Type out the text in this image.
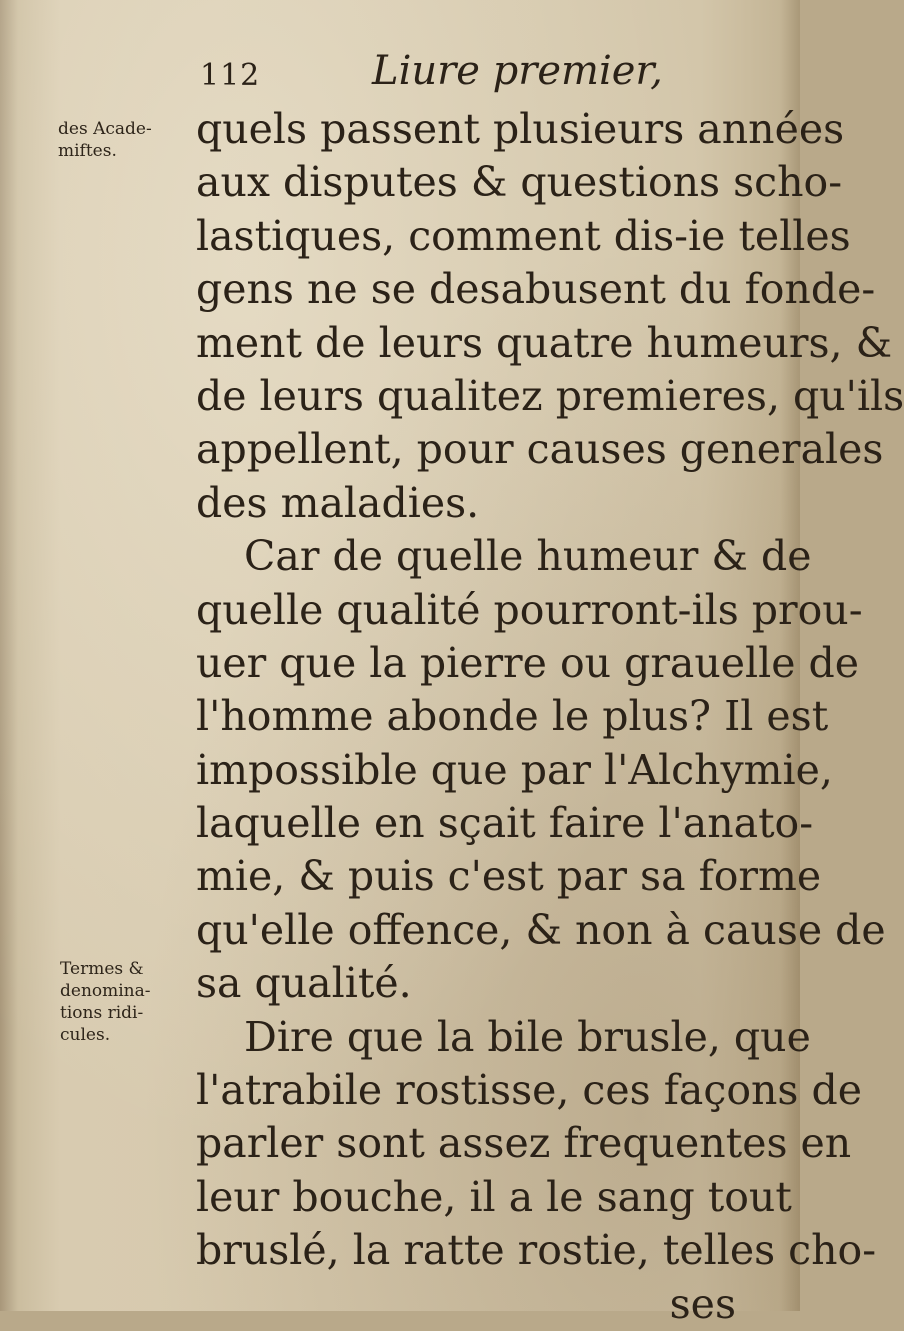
112	Liure premier,
des Acade-
miftes.
Termes &
denomina-
tions ridi-
cules.
quels passent plusieurs années
aux disputes & questions scho-
lastiques, comment dis-ie telles
gens ne se desabusent du fonde-
ment de leurs quatre humeurs, &
de leurs qualitez premieres, qu'ils
appellent, pour causes generales
des maladies.
Car de quelle humeur & de
quelle qualité pourront-ils prou-
uer que la pierre ou grauelle de
l'homme abonde le plus? Il est
impossible que par l'Alchymie,
laquelle en sçait faire l'anato-
mie, & puis c'est par sa forme
qu'elle offence, & non à cause de
sa qualité.
Dire que la bile brusle, que
l'atrabile rostisse, ces façons de
parler sont assez frequentes en
leur bouche, il a le sang tout
bruslé, la ratte rostie, telles cho-
ses
